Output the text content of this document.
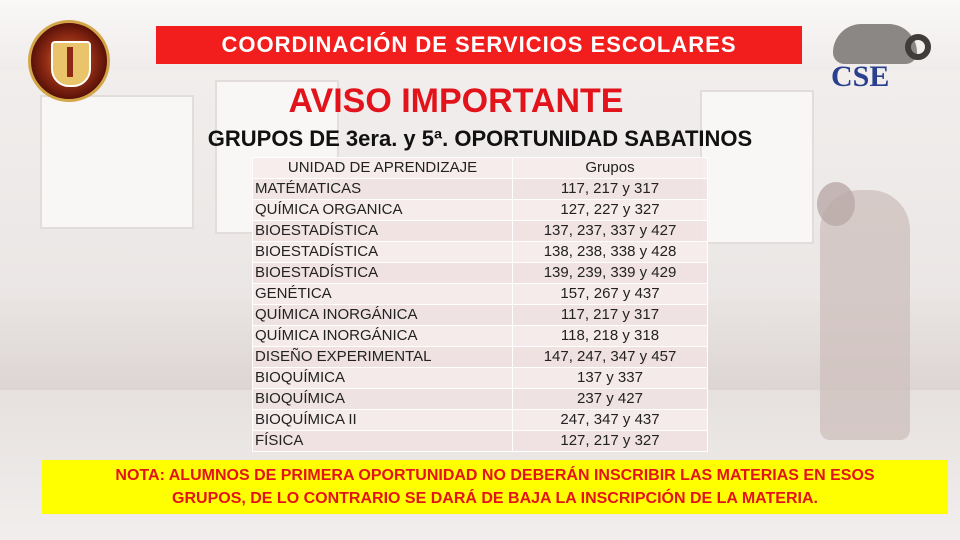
COORDINACIÓN DE SERVICIOS ESCOLARES
CSE
AVISO IMPORTANTE
GRUPOS DE 3era. y 5ª. OPORTUNIDAD SABATINOS
UNIDAD DE APRENDIZAJE	Grupos
MATÉMATICAS	117, 217 y 317
QUÍMICA ORGANICA	127, 227 y 327
BIOESTADÍSTICA	137, 237, 337 y 427
BIOESTADÍSTICA	138, 238, 338 y 428
BIOESTADÍSTICA	139, 239, 339 y 429
GENÉTICA	157, 267 y 437
QUÍMICA INORGÁNICA	117, 217 y 317
QUÍMICA INORGÁNICA	118, 218 y 318
DISEÑO EXPERIMENTAL	147, 247, 347 y 457
BIOQUÍMICA	137 y 337
BIOQUÍMICA	237 y 427
BIOQUÍMICA II	247, 347 y 437
FÍSICA	127, 217 y 327
NOTA: ALUMNOS DE PRIMERA OPORTUNIDAD NO DEBERÁN INSCRIBIR LAS MATERIAS EN ESOS
GRUPOS, DE LO CONTRARIO SE DARÁ DE BAJA LA INSCRIPCIÓN DE LA MATERIA.
